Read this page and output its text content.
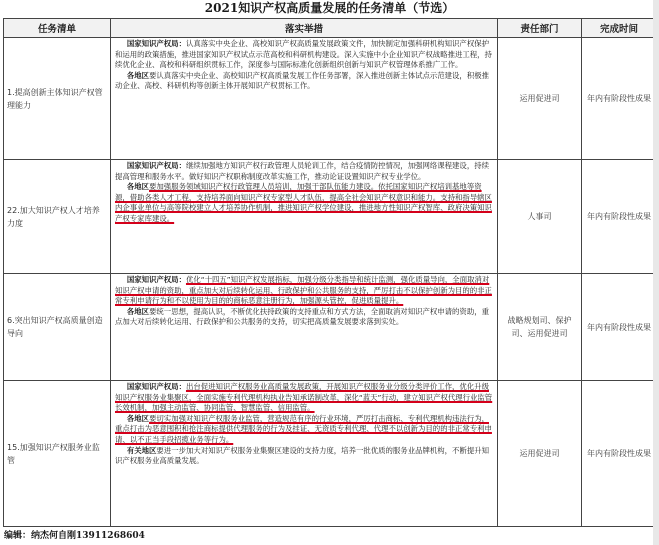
2021知识产权高质量发展的任务清单（节选）
任务清单	落实举措	责任部门	完成时间
1.提高创新主体知识产权管理能力	国家知识产权局：认真落实中央企业、高校知识产权高质量发展政策文件，加快制定加强科研机构知识产权保护和运用的政策措施，推进国家知识产权试点示范高校和科研机构建设。深入实施中小企业知识产权战略推进工程，持续优化企业、高校和科研组织贯标工作，深度参与国际标准化创新组织创新与知识产权管理体系推广工作。

各地区要认真落实中央企业、高校知识产权高质量发展工作任务部署，深入推进创新主体试点示范建设，积极推动企业、高校、科研机构等创新主体开展知识产权贯标工作。	运用促进司	年内有阶段性成果
22.加大知识产权人才培养力度	国家知识产权局：继续加强地方知识产权行政管理人员轮训工作，结合疫情防控情况，加强网络课程建设，持续提高管理和服务水平。做好知识产权职称制度改革实施工作，推动论证设置知识产权专业学位。

各地区要加强服务领域知识产权行政管理人员培训，加强干部队伍能力建设。依托国家知识产权培训基地等资源，借助各类人才工程，支持培养面向知识产权专家型人才队伍，提高全社会知识产权意识和能力。支持和指导辖区内企事业单位与高等院校建立人才培养协作机制，推进知识产权学位建设，推进地方性知识产权智库、政府决策知识产权专家库建设。	人事司	年内有阶段性成果
6.突出知识产权高质量创造导向	国家知识产权局：优化“十四五”知识产权发展指标，加强分级分类指导和统计监测，强化质量导向，全面取消对知识产权申请的资助，重点加大对后续转化运用、行政保护和公共服务的支持，严厉打击不以保护创新为目的的非正常专利申请行为和不以使用为目的的商标恶意注册行为，加强源头管控，促进质量提升。

各地区要统一思想，提高认识，不断优化扶持政策的支持重点和方式方法，全面取消对知识产权申请的资助，重点加大对后续转化运用、行政保护和公共服务的支持，切实把高质量发展要求落到实处。	战略规划司、保护司、运用促进司	年内有阶段性成果
15.加强知识产权服务业监管	国家知识产权局：出台促进知识产权服务业高质量发展政策，开展知识产权服务业分级分类评价工作，优化升级知识产权服务业集聚区，全面实施专利代理机构执业告知承诺制改革，深化“蓝天”行动，建立知识产权代理行业监管长效机制，加强主动监管、协同监管、智慧监管、信用监管。

各地区要切实加强对知识产权服务业监管，营造规范有序的行业环境，严厉打击商标、专利代理机构违法行为，重点打击为恶意囤积和抢注商标提供代理服务的行为及挂证、无资质专利代理、代理不以创新为目的的非正常专利申请、以不正当手段招揽业务等行为。

有关地区要进一步加大对知识产权服务业集聚区建设的支持力度，培养一批优质的服务业品牌机构，不断提升知识产权服务业高质量发展。	运用促进司	年内有阶段性成果
编辑：纳杰何自刚13911268604
